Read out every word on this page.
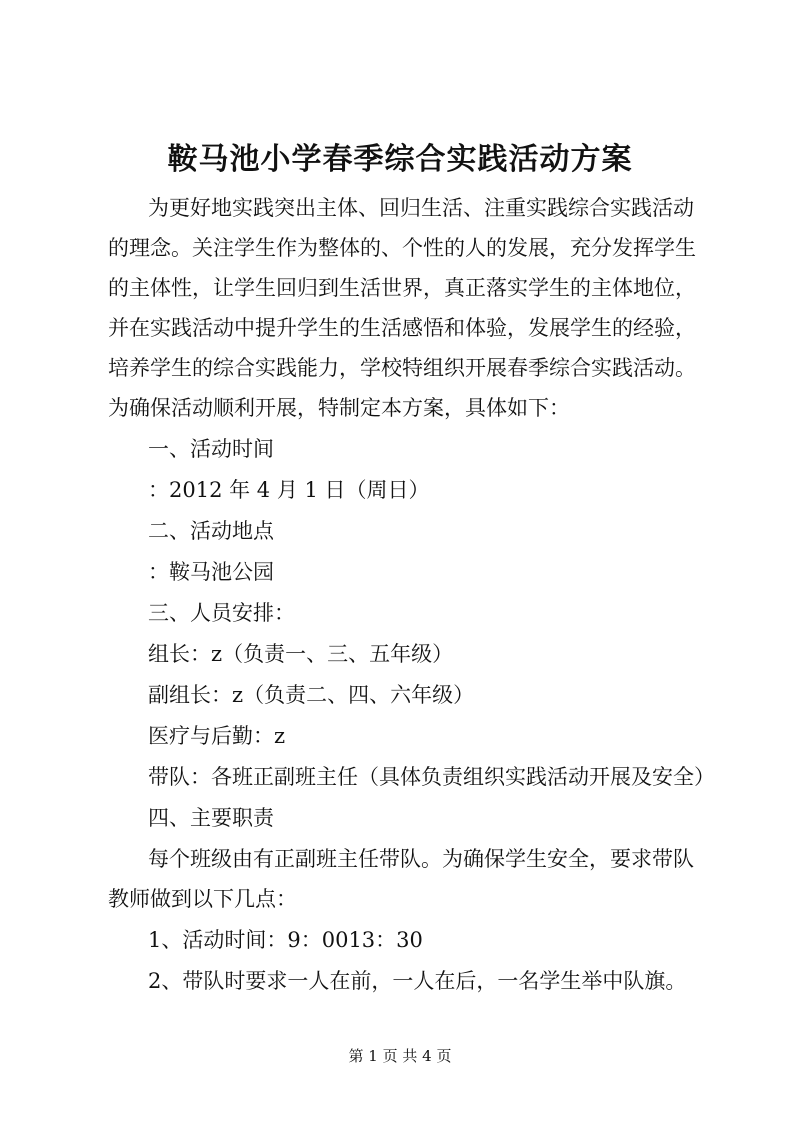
鞍马池小学春季综合实践活动方案
为更好地实践突出主体、回归生活、注重实践综合实践活动
的理念。关注学生作为整体的、个性的人的发展，充分发挥学生
的主体性，让学生回归到生活世界，真正落实学生的主体地位，
并在实践活动中提升学生的生活感悟和体验，发展学生的经验，
培养学生的综合实践能力，学校特组织开展春季综合实践活动。
为确保活动顺利开展，特制定本方案，具体如下：
一、活动时间
：2012 年 4 月 1 日（周日）
二、活动地点
：鞍马池公园
三、人员安排：
组长：z（负责一、三、五年级）
副组长：z（负责二、四、六年级）
医疗与后勤：z
带队：各班正副班主任（具体负责组织实践活动开展及安全）
四、主要职责
每个班级由有正副班主任带队。为确保学生安全，要求带队
教师做到以下几点：
1、活动时间：9：0013：30
2、带队时要求一人在前，一人在后，一名学生举中队旗。
第 1 页 共 4 页
